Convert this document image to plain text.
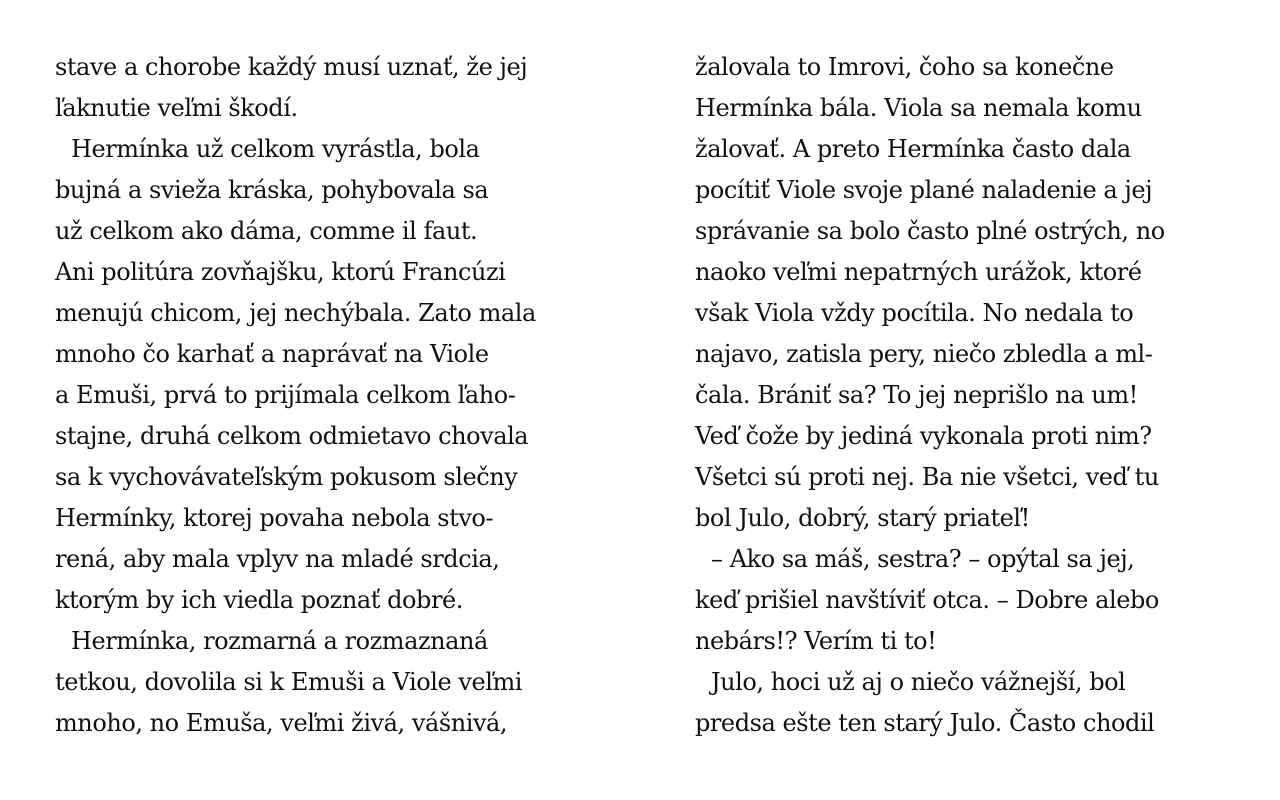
stave a chorobe každý musí uznať, že jej
ľaknutie veľmi škodí.
Hermínka už celkom vyrástla, bola
bujná a svieža kráska, pohybovala sa
už celkom ako dáma, comme il faut.
Ani politúra zovňajšku, ktorú Francúzi
menujú chicom, jej nechýbala. Zato mala
mnoho čo karhať a naprávať na Viole
a Emuši, prvá to prijímala celkom ľaho-
stajne, druhá celkom odmietavo chovala
sa k vychovávateľským pokusom slečny
Hermínky, ktorej povaha nebola stvo-
rená, aby mala vplyv na mladé srdcia,
ktorým by ich viedla poznať dobré.
Hermínka, rozmarná a rozmaznaná
tetkou, dovolila si k Emuši a Viole veľmi
mnoho, no Emuša, veľmi živá, vášnivá,
žalovala to Imrovi, čoho sa konečne
Hermínka bála. Viola sa nemala komu
žalovať. A preto Hermínka často dala
pocítiť Viole svoje plané naladenie a jej
správanie sa bolo často plné ostrých, no
naoko veľmi nepatrných urážok, ktoré
však Viola vždy pocítila. No nedala to
najavo, zatisla pery, niečo zbledla a ml-
čala. Brániť sa? To jej neprišlo na um!
Veď čože by jediná vykonala proti nim?
Všetci sú proti nej. Ba nie všetci, veď tu
bol Julo, dobrý, starý priateľ!
– Ako sa máš, sestra? – opýtal sa jej,
keď prišiel navštíviť otca. – Dobre alebo
nebárs!? Verím ti to!
Julo, hoci už aj o niečo vážnejší, bol
predsa ešte ten starý Julo. Často chodil
